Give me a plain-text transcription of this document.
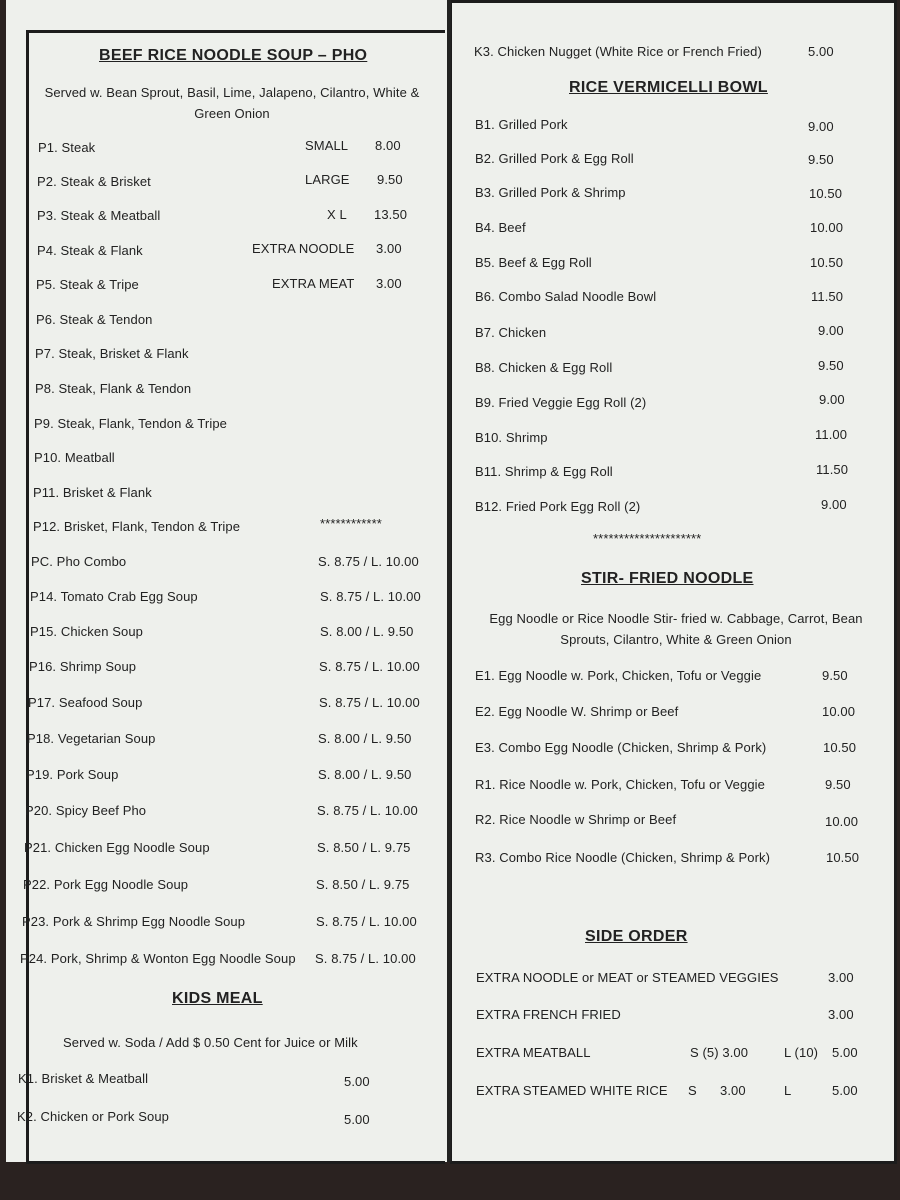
BEEF RICE NOODLE SOUP – PHO
Served w. Bean Sprout, Basil, Lime, Jalapeno, Cilantro, White &
Green Onion
P1. Steak	SMALL 8.00
P2. Steak & Brisket	LARGE 9.50
P3. Steak & Meatball	X L 13.50
P4. Steak & Flank	EXTRA NOODLE 3.00
P5. Steak & Tripe	EXTRA MEAT 3.00
P6. Steak & Tendon
P7. Steak, Brisket & Flank
P8. Steak, Flank & Tendon
P9. Steak, Flank, Tendon & Tripe
P10. Meatball
P11. Brisket & Flank
P12. Brisket, Flank, Tendon & Tripe	************
PC. Pho Combo	S. 8.75 / L. 10.00
P14. Tomato Crab Egg Soup	S. 8.75 / L. 10.00
P15. Chicken Soup	S. 8.00 / L. 9.50
P16. Shrimp Soup	S. 8.75 / L. 10.00
P17. Seafood Soup	S. 8.75 / L. 10.00
P18. Vegetarian Soup	S. 8.00 / L. 9.50
P19. Pork Soup	S. 8.00 / L. 9.50
P20. Spicy Beef Pho	S. 8.75 / L. 10.00
P21. Chicken Egg Noodle Soup	S. 8.50 / L. 9.75
P22. Pork Egg Noodle Soup	S. 8.50 / L. 9.75
P23. Pork & Shrimp Egg Noodle Soup	S. 8.75 / L. 10.00
P24. Pork, Shrimp & Wonton Egg Noodle Soup S. 8.75 / L. 10.00
KIDS MEAL
Served w. Soda / Add $ 0.50 Cent for Juice or Milk
K1. Brisket & Meatball	5.00
K2. Chicken or Pork Soup	5.00
K3. Chicken Nugget (White Rice or French Fried)	5.00
RICE VERMICELLI BOWL
B1. Grilled Pork	9.00
B2. Grilled Pork & Egg Roll	9.50
B3. Grilled Pork & Shrimp	10.50
B4. Beef	10.00
B5. Beef & Egg Roll	10.50
B6. Combo Salad Noodle Bowl	11.50
B7. Chicken	9.00
B8. Chicken & Egg Roll	9.50
B9. Fried Veggie Egg Roll (2)	9.00
B10. Shrimp	11.00
B11. Shrimp & Egg Roll	11.50
B12. Fried Pork Egg Roll (2)	9.00
*********************
STIR- FRIED NOODLE
Egg Noodle or Rice Noodle Stir- fried w. Cabbage, Carrot, Bean
Sprouts, Cilantro, White & Green Onion
E1. Egg Noodle w. Pork, Chicken, Tofu or Veggie	9.50
E2. Egg Noodle W. Shrimp or Beef	10.00
E3. Combo Egg Noodle (Chicken, Shrimp & Pork)	10.50
R1. Rice Noodle w. Pork, Chicken, Tofu or Veggie	9.50
R2. Rice Noodle w Shrimp or Beef	10.00
R3. Combo Rice Noodle (Chicken, Shrimp & Pork)	10.50
SIDE ORDER
EXTRA NOODLE or MEAT or STEAMED VEGGIES	3.00
EXTRA FRENCH FRIED	3.00
EXTRA MEATBALL	S (5) 3.00	L (10) 5.00
EXTRA STEAMED WHITE RICE S 3.00	L	5.00
